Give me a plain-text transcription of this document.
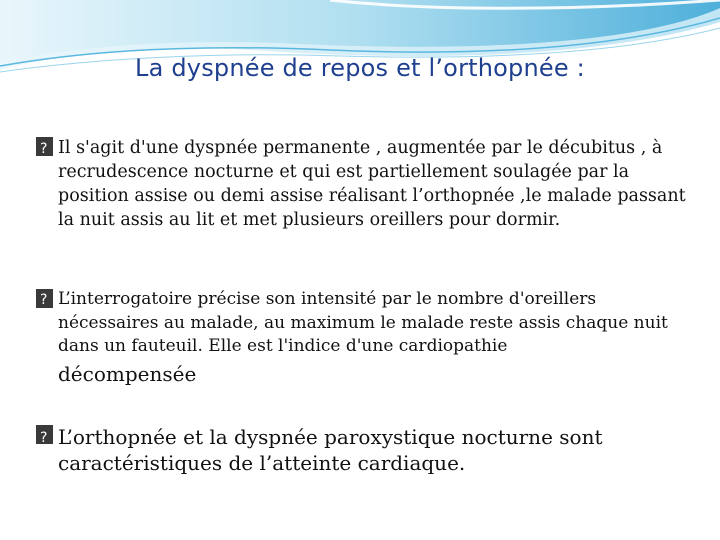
La dyspnée de repos et l’orthopnée :
?
Il s'agit d'une dyspnée permanente , augmentée par le décubitus , à recrudescence nocturne et qui est partiellement soulagée par la position assise ou demi assise réalisant l’orthopnée ,le malade passant la nuit assis au lit et met plusieurs oreillers pour dormir.
?
L’interrogatoire précise son intensité par le nombre d'oreillers nécessaires au malade, au maximum le malade reste assis chaque nuit dans un fauteuil. Elle est l'indice d'une cardiopathie
décompensée
?
L’orthopnée et la dyspnée paroxystique nocturne sont caractéristiques de l’atteinte cardiaque.
